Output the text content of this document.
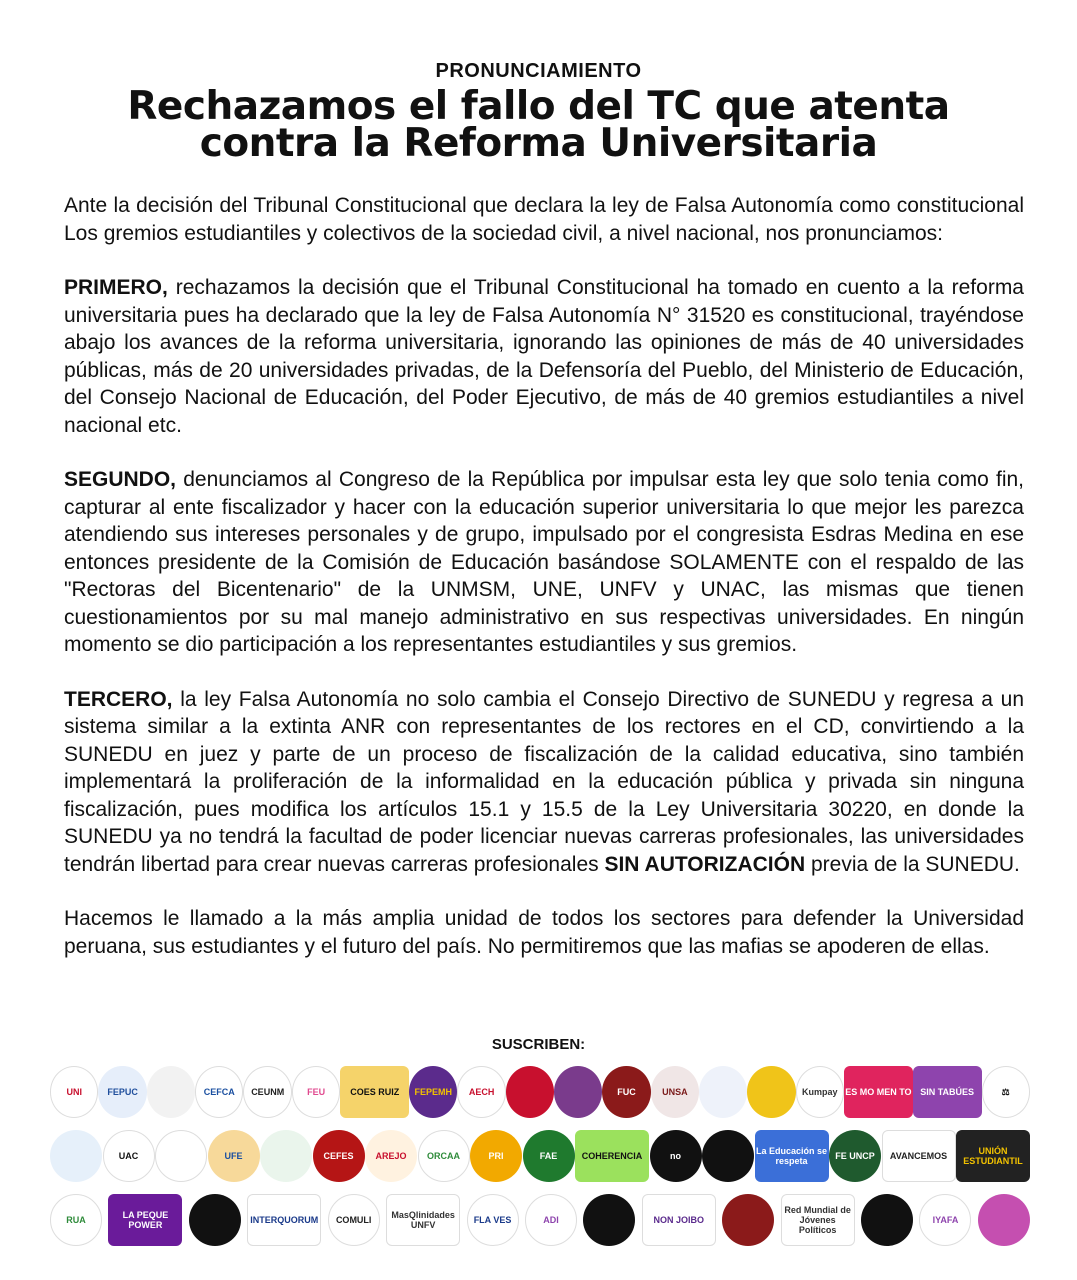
PRONUNCIAMIENTO
Rechazamos el fallo del TC que atenta
contra la Reforma Universitaria

Ante la decisión del Tribunal Constitucional que declara la ley de Falsa Autonomía como constitucional Los gremios estudiantiles y colectivos de la sociedad civil, a nivel nacional, nos pronunciamos:

PRIMERO, rechazamos la decisión que el Tribunal Constitucional ha tomado en cuento a la reforma universitaria pues ha declarado que la ley de Falsa Autonomía N° 31520 es constitucional, trayéndose abajo los avances de la reforma universitaria, ignorando las opiniones de más de 40 universidades públicas, más de 20 universidades privadas, de la Defensoría del Pueblo, del Ministerio de Educación, del Consejo Nacional de Educación, del Poder Ejecutivo, de más de 40 gremios estudiantiles a nivel nacional etc.

SEGUNDO, denunciamos al Congreso de la República por impulsar esta ley que solo tenia como fin, capturar al ente fiscalizador y hacer con la educación superior universitaria lo que mejor les parezca atendiendo sus intereses personales y de grupo, impulsado por el congresista Esdras Medina en ese entonces presidente de la Comisión de Educación basándose SOLAMENTE con el respaldo de las "Rectoras del Bicentenario" de la UNMSM, UNE, UNFV y UNAC, las mismas que tienen cuestionamientos por su mal manejo administrativo en sus respectivas universidades. En ningún momento se dio participación a los representantes estudiantiles y sus gremios.

TERCERO, la ley Falsa Autonomía no solo cambia el Consejo Directivo de SUNEDU y regresa a un sistema similar a la extinta ANR con representantes de los rectores en el CD, convirtiendo a la SUNEDU en juez y parte de un proceso de fiscalización de la calidad educativa, sino también implementará la proliferación de la informalidad en la educación pública y privada sin ninguna fiscalización, pues modifica los artículos 15.1 y 15.5 de la Ley Universitaria 30220, en donde la SUNEDU ya no tendrá la facultad de poder licenciar nuevas carreras profesionales, las universidades tendrán libertad para crear nuevas carreras profesionales SIN AUTORIZACIÓN previa de la SUNEDU.

Hacemos le llamado a la más amplia unidad de todos los sectores para defender la Universidad peruana, sus estudiantes y el futuro del país. No permitiremos que las mafias se apoderen de ellas.

SUSCRIBEN:
UNI	FEPUC	CEFCA	CEUNM	FEU	COES RUIZ	FEPEMH	AECH	FUC	UNSA	Kumpay ES MO MEN TO SIN TABÚES	⚖
UAC	UFE	CEFES	AREJO	ORCAA	PRI	FAE	COHERENCIA	no	La Educación se respeta	FE UNCP	AVANCEMOS	UNIÓN ESTUDIANTIL
RUA	LA PEQUE POWER	INTERQUORUM	COMULI	MasQlinidades UNFV	FLA VES	ADI	NON JOIBO
Red Mundial de Jóvenes Políticos
IYAFA
